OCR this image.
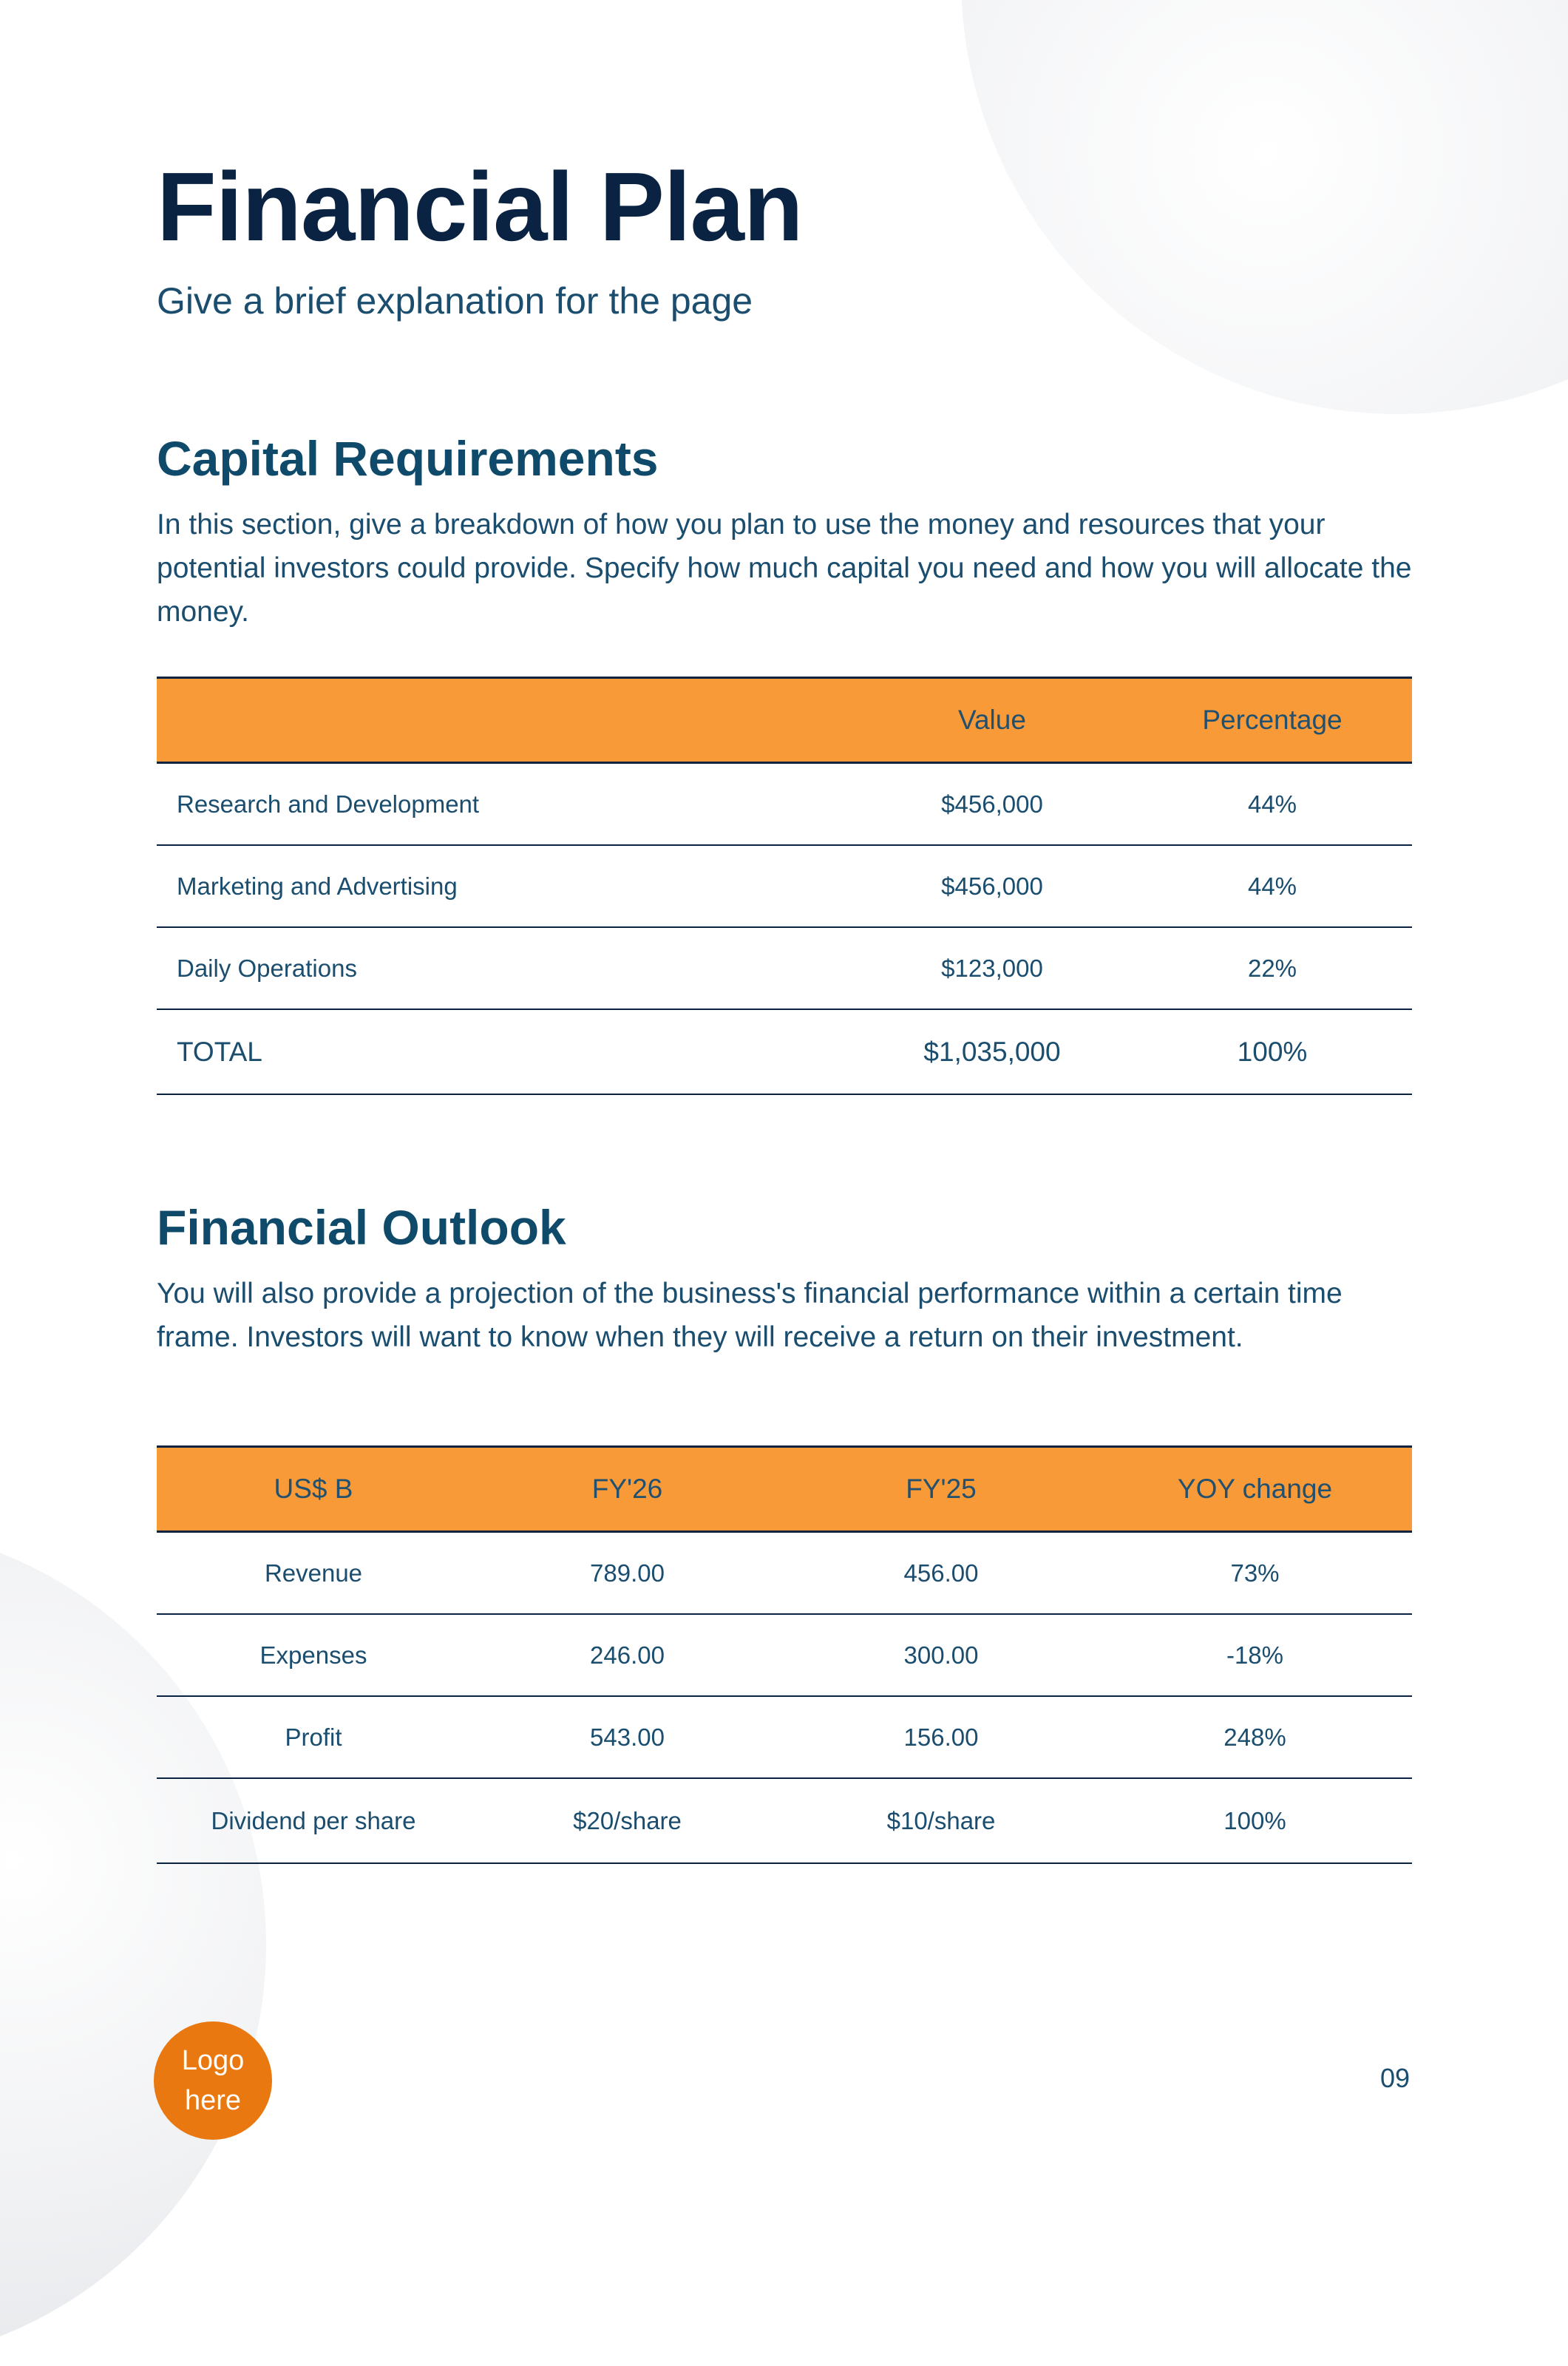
Financial Plan
Give a brief explanation for the page
Capital Requirements
In this section, give a breakdown of how you plan to use the money and resources that your potential investors could provide. Specify how much capital you need and how you will allocate the money.
	Value	Percentage
Research and Development	$456,000	44%
Marketing and Advertising	$456,000	44%
Daily Operations	$123,000	22%
TOTAL	$1,035,000	100%
Financial Outlook
You will also provide a projection of the business's financial performance within a certain time frame. Investors will want to know when they will receive a return on their investment.
US$ B	FY'26	FY'25	YOY change
Revenue	789.00	456.00	73%
Expenses	246.00	300.00	-18%
Profit	543.00	156.00	248%
Dividend per share	$20/share	$10/share	100%
Logo
here
09
